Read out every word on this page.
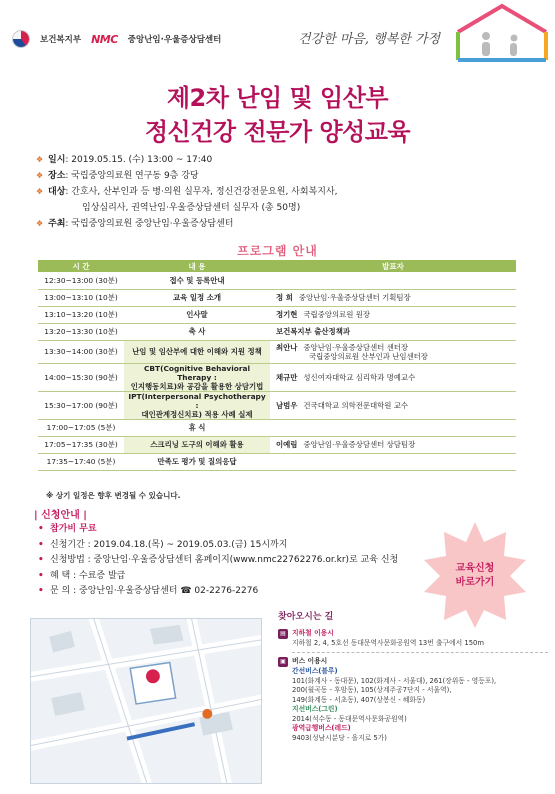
보건복지부 NMC 중앙난임·우울증상담센터	건강한 마음, 행복한 가정
제2차 난임 및 임산부
정신건강 전문가 양성교육
❖ 일시 : 2019.05.15. (수) 13:00 ~ 17:40
❖ 장소 : 국립중앙의료원 연구동 9층 강당
❖ 대상 : 간호사, 산부인과 등 병·의원 실무자, 정신건강전문요원, 사회복지사,
임상심리사, 권역난임·우울증상담센터 실무자 (총 50명)
❖ 주최 : 국립중앙의료원 중앙난임·우울증상담센터
프로그램 안내
시 간	내 용	발표자
12:30~13:00 (30분)	접수 및 등록안내	
13:00~13:10 (10분)	교육 일정 소개	정 희 중앙난임·우울증상담센터 기획팀장
13:10~13:20 (10분)	인사말	정기현 국립중앙의료원 원장
13:20~13:30 (10분)	축 사	보건복지부 출산정책과
13:30~14:00 (30분)	난임 및 임산부에 대한 이해와 지원 정책	최안나 중앙난임·우울증상담센터 센터장
국립중앙의료원 산부인과 난임센터장
14:00~15:30 (90분)	CBT(Cognitive Behavioral Therapy :
인지행동치료)와 공감을 활용한 상담기법	채규만 성신여자대학교 심리학과 명예교수
15:30~17:00 (90분)	IPT(Interpersonal Psychotherapy :
대인관계정신치료) 적용 사례 실제	남범우 건국대학교 의학전문대학원 교수
17:00~17:05 (5분)	휴 식	
17:05~17:35 (30분)	스크리닝 도구의 이해와 활용	이예림 중앙난임·우울증상담센터 상담팀장
17:35~17:40 (5분)	만족도 평가 및 질의응답	
※ 상기 일정은 향후 변경될 수 있습니다.
| 신청안내 |
• 참가비 무료
• 신청기간 : 2019.04.18.(목) ~ 2019.05.03.(금) 15시까지
• 신청방법 : 중앙난임·우울증상담센터 홈페이지(www.nmc22762276.or.kr)로 교육 신청
• 혜 택 : 수료증 발급
• 문 의 : 중앙난임·우울증상담센터 ☎ 02-2276-2276
교육신청
바로가기
찾아오시는 길
▤ 지하철 이용시
지하철 2, 4, 5호선 동대문역사문화공원역 13번 출구에서 150m
▣ 버스 이용시
간선버스(블루)
101(화계사 - 동대문), 102(화계사 - 서울대), 261(장위동 - 영등포),
200(월곡동 - 후암동), 105(상계주공7단지 - 서울역),
149(화계동 - 서초동), 407(상봉신 - 혜화동)
지선버스(그린)
2014(석수동 - 동대문역사문화공원역)
광역급행버스(레드)
9403(성남시분당 - 을지로 5가)
